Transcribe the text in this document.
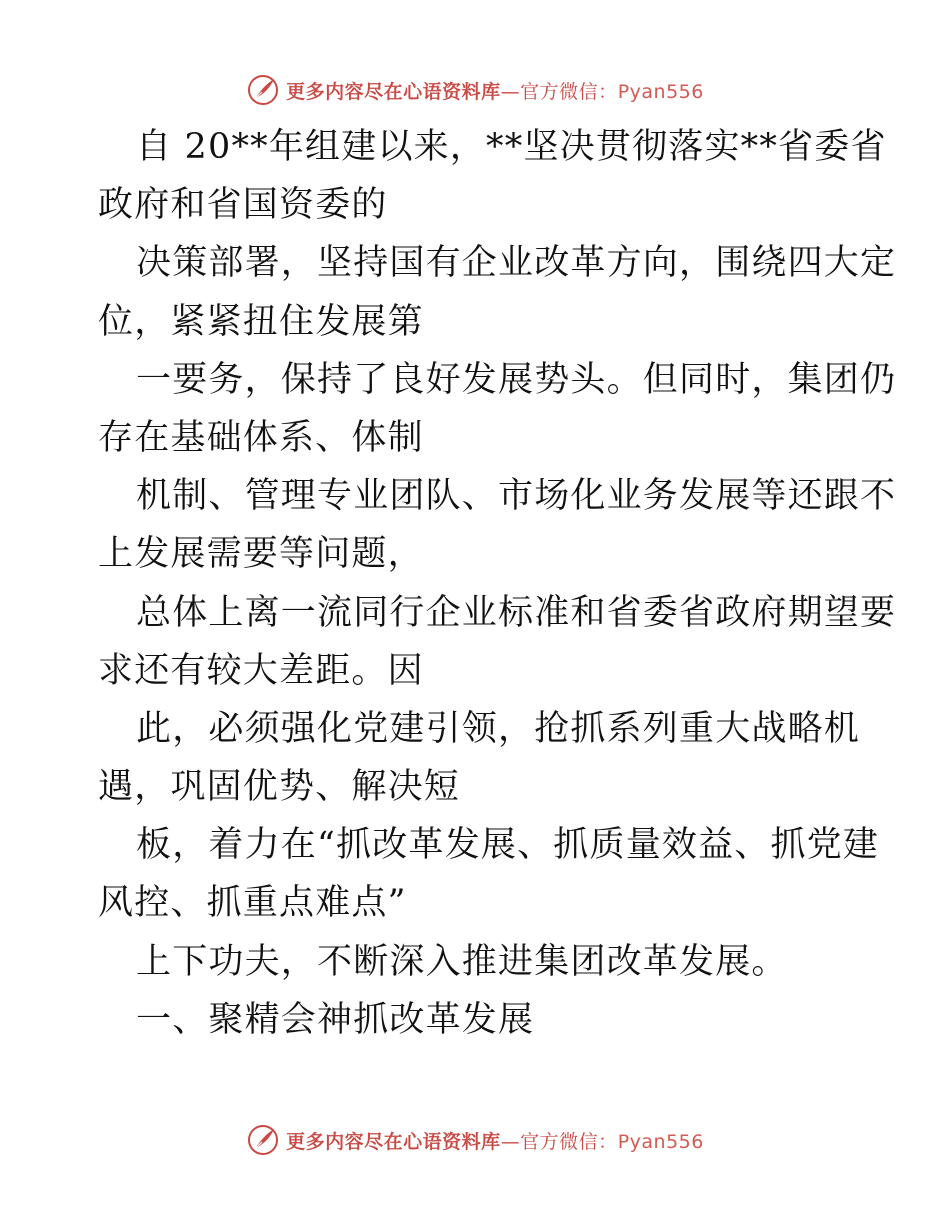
更多内容尽在心语资料库—官方微信：Pyan556
自 20**年组建以来，**坚决贯彻落实**省委省
政府和省国资委的
决策部署，坚持国有企业改革方向，围绕四大定
位，紧紧扭住发展第
一要务，保持了良好发展势头。但同时，集团仍
存在基础体系、体制
机制、管理专业团队、市场化业务发展等还跟不
上发展需要等问题，
总体上离一流同行企业标准和省委省政府期望要
求还有较大差距。因
此，必须强化党建引领，抢抓系列重大战略机
遇，巩固优势、解决短
板，着力在“抓改革发展、抓质量效益、抓党建
风控、抓重点难点”
上下功夫，不断深入推进集团改革发展。
一、聚精会神抓改革发展
更多内容尽在心语资料库—官方微信：Pyan556
